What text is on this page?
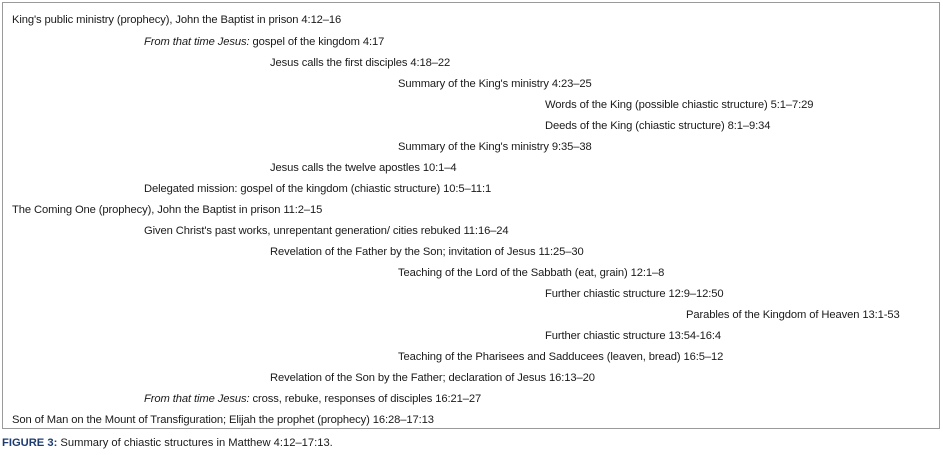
King's public ministry (prophecy), John the Baptist in prison 4:12–16
From that time Jesus: gospel of the kingdom 4:17
Jesus calls the first disciples 4:18–22
Summary of the King's ministry 4:23–25
Words of the King (possible chiastic structure) 5:1–7:29
Deeds of the King (chiastic structure) 8:1–9:34
Summary of the King's ministry 9:35–38
Jesus calls the twelve apostles 10:1–4
Delegated mission: gospel of the kingdom (chiastic structure) 10:5–11:1
The Coming One (prophecy), John the Baptist in prison 11:2–15
Given Christ's past works, unrepentant generation/ cities rebuked 11:16–24
Revelation of the Father by the Son; invitation of Jesus 11:25–30
Teaching of the Lord of the Sabbath (eat, grain) 12:1–8
Further chiastic structure 12:9–12:50
Parables of the Kingdom of Heaven 13:1-53
Further chiastic structure 13:54-16:4
Teaching of the Pharisees and Sadducees (leaven, bread) 16:5–12
Revelation of the Son by the Father; declaration of Jesus 16:13–20
From that time Jesus: cross, rebuke, responses of disciples 16:21–27
Son of Man on the Mount of Transfiguration; Elijah the prophet (prophecy) 16:28–17:13
FIGURE 3: Summary of chiastic structures in Matthew 4:12–17:13.
